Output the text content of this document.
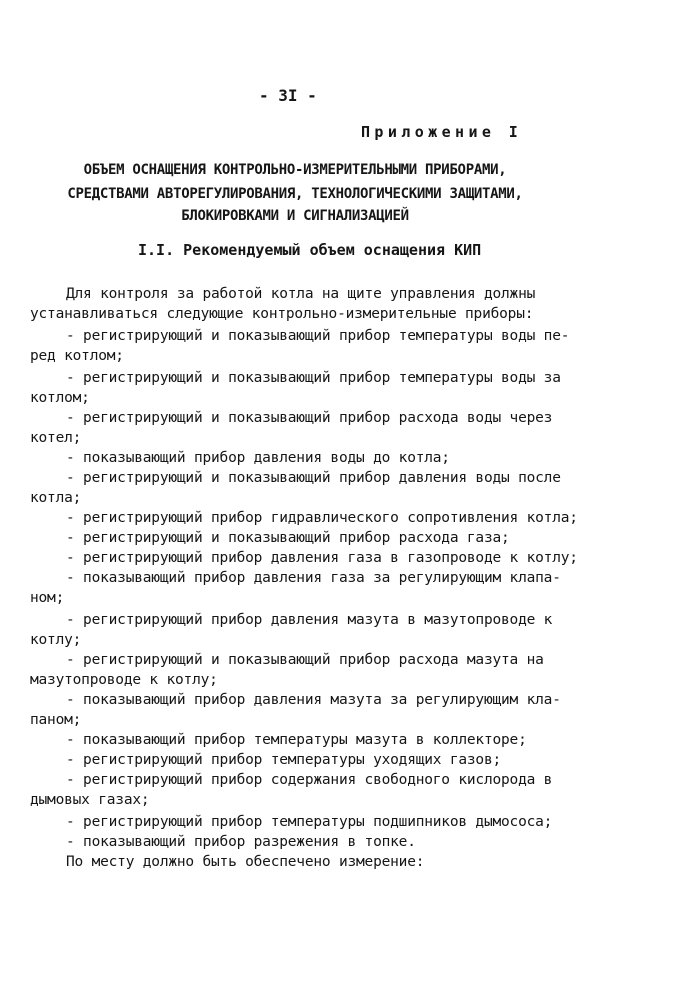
- 3I -
Приложение I
ОБЪЕМ ОСНАЩЕНИЯ КОНТРОЛЬНО-ИЗМЕРИТЕЛЬНЫМИ ПРИБОРАМИ,
СРЕДСТВАМИ АВТОРЕГУЛИРОВАНИЯ, ТЕХНОЛОГИЧЕСКИМИ ЗАЩИТАМИ,
БЛОКИРОВКАМИ И СИГНАЛИЗАЦИЕЙ
I.I. Рекомендуемый объем оснащения КИП
Для контроля за работой котла на щите управления должны
устанавливаться следующие контрольно-измерительные приборы:
- регистрирующий и показывающий прибор температуры воды пе-
ред котлом;
- регистрирующий и показывающий прибор температуры воды за
котлом;
- регистрирующий и показывающий прибор расхода воды через
котел;
- показывающий прибор давления воды до котла;
- регистрирующий и показывающий прибор давления воды после
котла;
- регистрирующий прибор гидравлического сопротивления котла;
- регистрирующий и показывающий прибор расхода газа;
- регистрирующий прибор давления газа в газопроводе к котлу;
- показывающий прибор давления газа за регулирующим клапа-
ном;
- регистрирующий прибор давления мазута в мазутопроводе к
котлу;
- регистрирующий и показывающий прибор расхода мазута на
мазутопроводе к котлу;
- показывающий прибор давления мазута за регулирующим кла-
паном;
- показывающий прибор температуры мазута в коллекторе;
- регистрирующий прибор температуры уходящих газов;
- регистрирующий прибор содержания свободного кислорода в
дымовых газах;
- регистрирующий прибор температуры подшипников дымососа;
- показывающий прибор разрежения в топке.
По месту должно быть обеспечено измерение:
